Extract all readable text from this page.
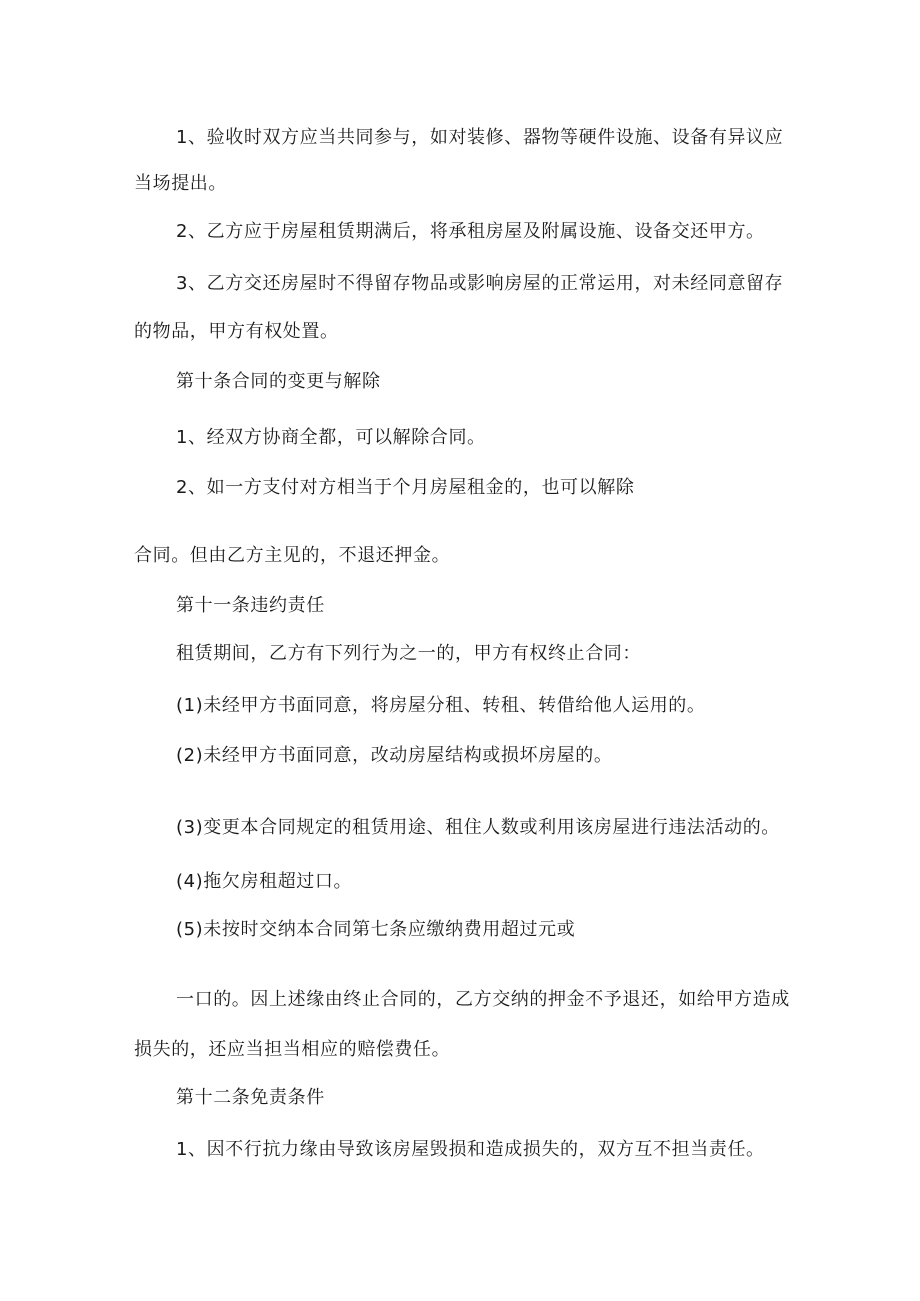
1、验收时双方应当共同参与，如对装修、器物等硬件设施、设备有异议应
当场提出。
2、乙方应于房屋租赁期满后，将承租房屋及附属设施、设备交还甲方。
3、乙方交还房屋时不得留存物品或影响房屋的正常运用，对未经同意留存
的物品，甲方有权处置。
第十条合同的变更与解除
1、经双方协商全都，可以解除合同。
2、如一方支付对方相当于个月房屋租金的，也可以解除
合同。但由乙方主见的，不退还押金。
第十一条违约责任
租赁期间，乙方有下列行为之一的，甲方有权终止合同：
(1)未经甲方书面同意，将房屋分租、转租、转借给他人运用的。
(2)未经甲方书面同意，改动房屋结构或损坏房屋的。
(3)变更本合同规定的租赁用途、租住人数或利用该房屋进行违法活动的。
(4)拖欠房租超过口。
(5)未按时交纳本合同第七条应缴纳费用超过元或
一口的。因上述缘由终止合同的，乙方交纳的押金不予退还，如给甲方造成
损失的，还应当担当相应的赔偿费任。
第十二条免责条件
1、因不行抗力缘由导致该房屋毁损和造成损失的，双方互不担当责任。
